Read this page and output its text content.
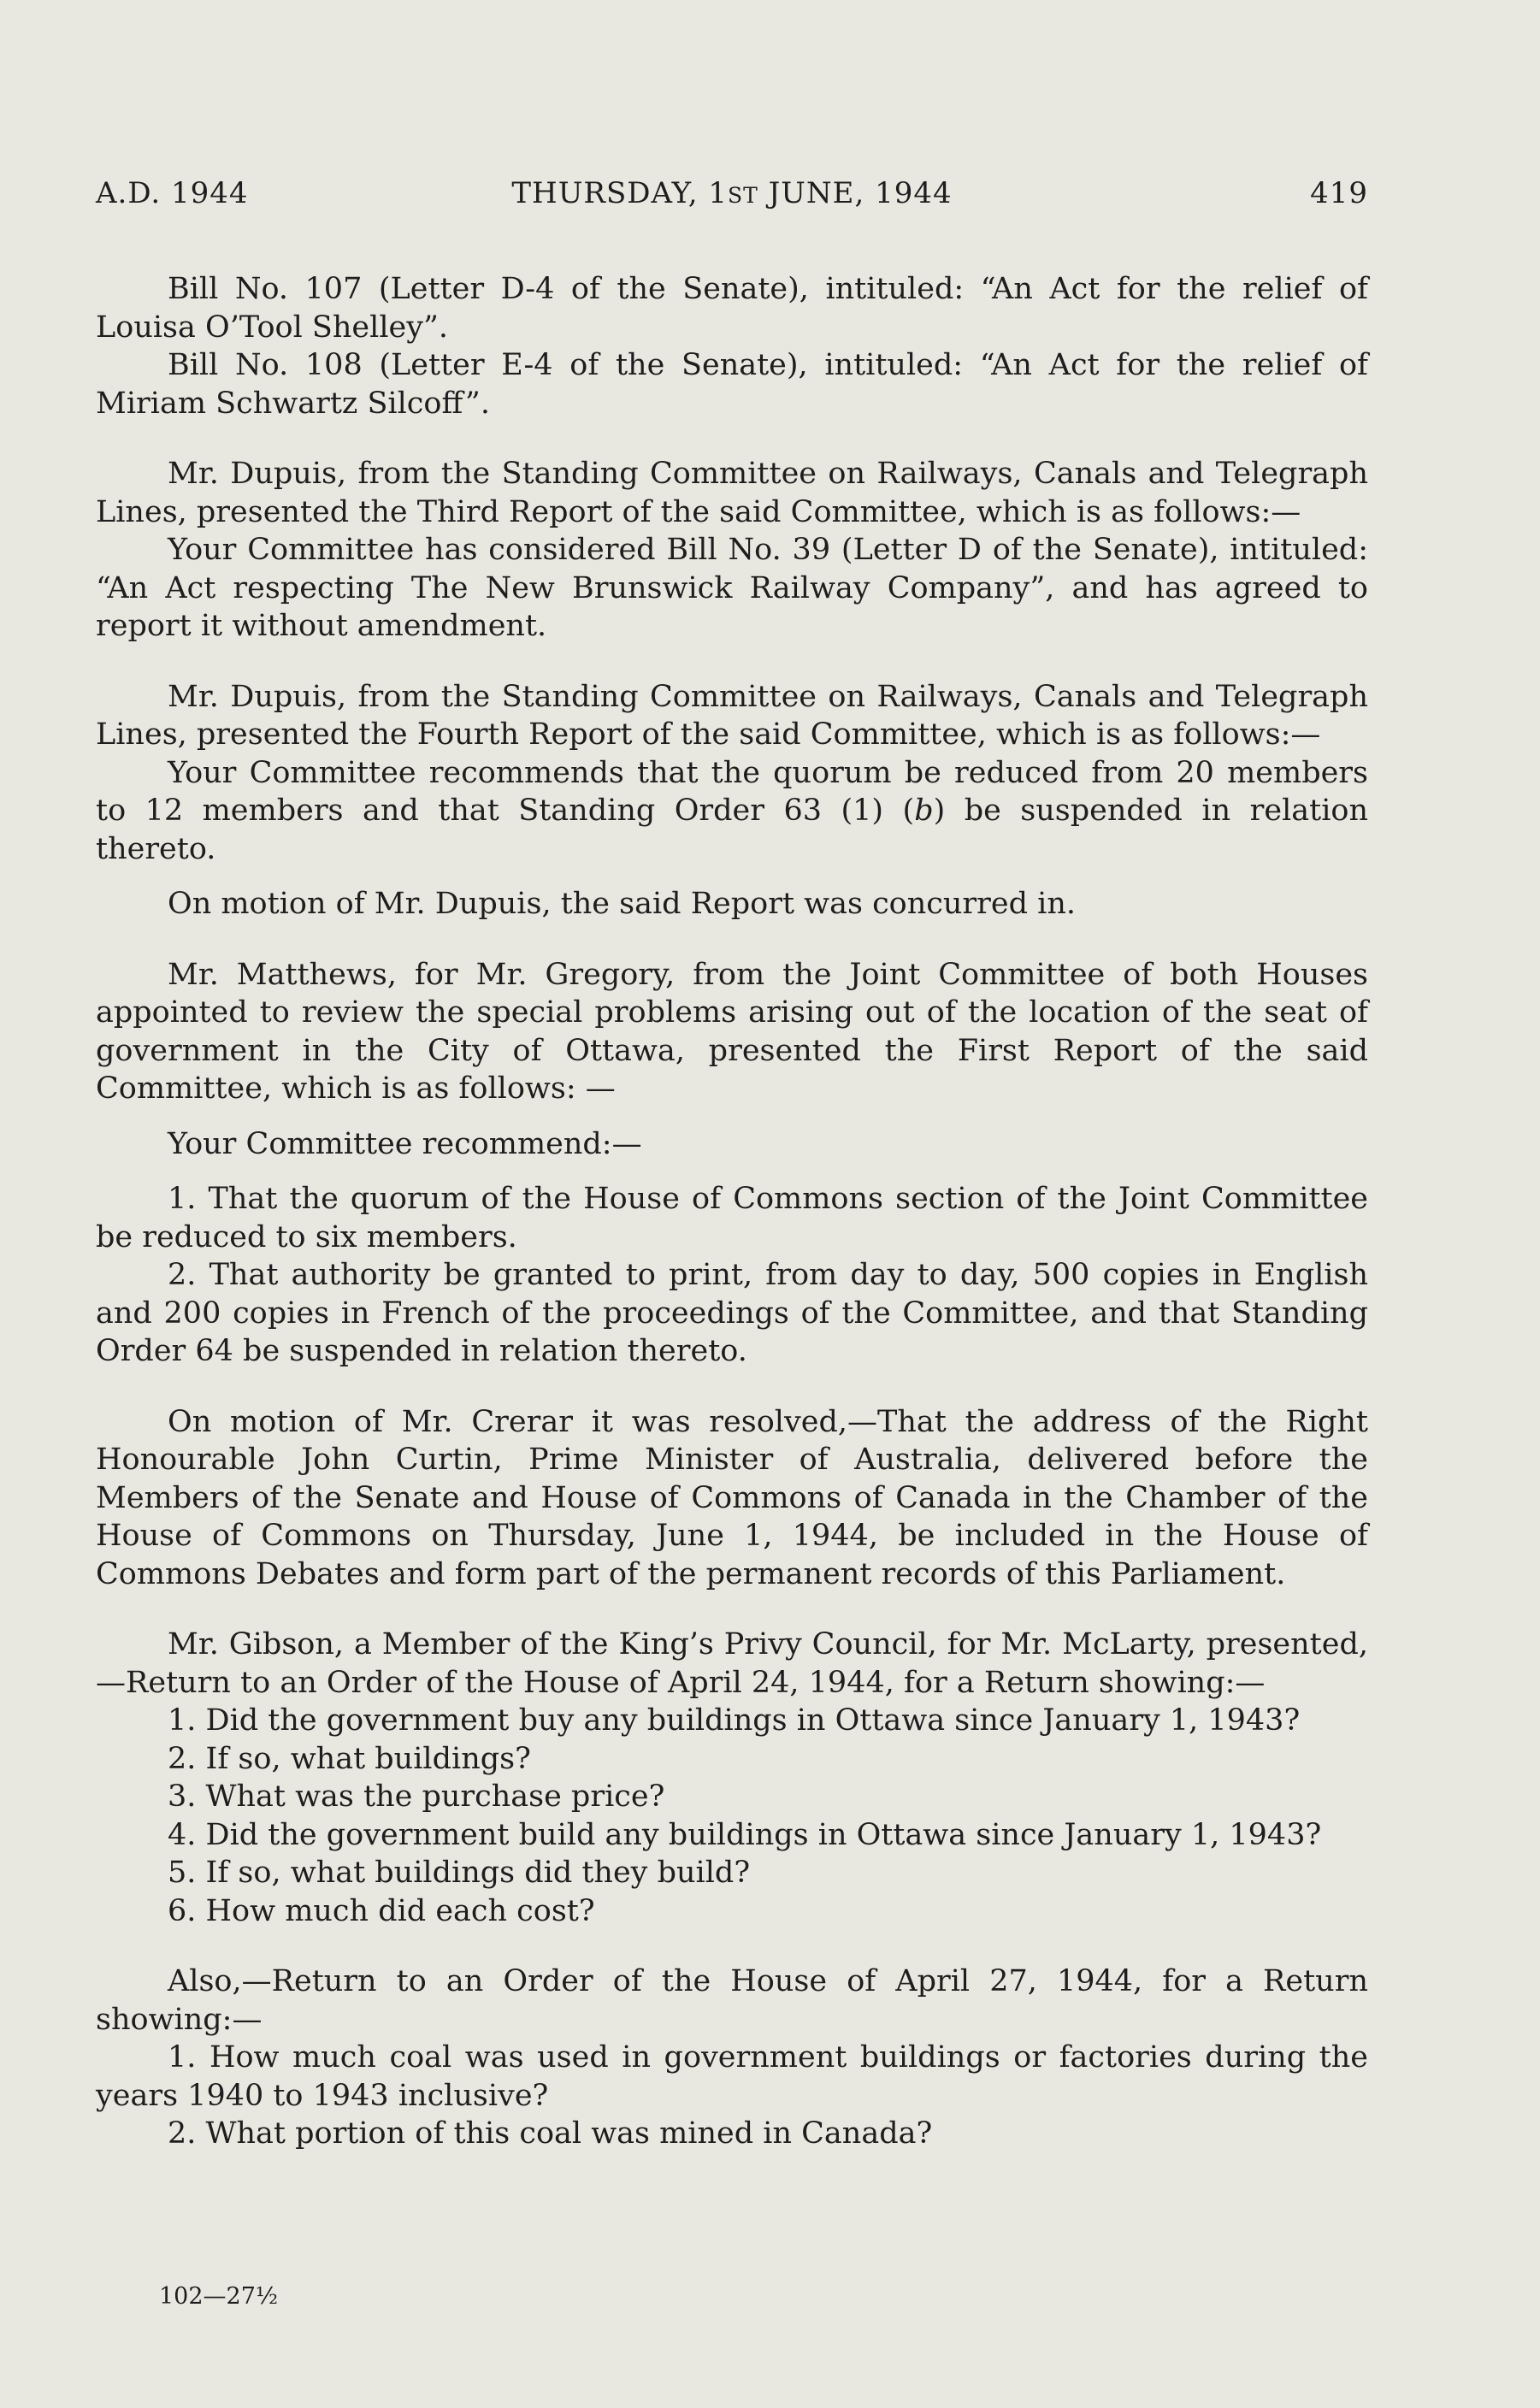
A.D. 1944	THURSDAY, 1ST JUNE, 1944	419

Bill No. 107 (Letter D-4 of the Senate), intituled: “An Act for the relief of Louisa O’Tool Shelley”.

Bill No. 108 (Letter E-4 of the Senate), intituled: “An Act for the relief of Miriam Schwartz Silcoff”.

Mr. Dupuis, from the Standing Committee on Railways, Canals and Telegraph Lines, presented the Third Report of the said Committee, which is as follows:—

Your Committee has considered Bill No. 39 (Letter D of the Senate), intituled: “An Act respecting The New Brunswick Railway Company”, and has agreed to report it without amendment.

Mr. Dupuis, from the Standing Committee on Railways, Canals and Telegraph Lines, presented the Fourth Report of the said Committee, which is as follows:—

Your Committee recommends that the quorum be reduced from 20 members to 12 members and that Standing Order 63 (1) (b) be suspended in relation thereto.

On motion of Mr. Dupuis, the said Report was concurred in.

Mr. Matthews, for Mr. Gregory, from the Joint Committee of both Houses appointed to review the special problems arising out of the location of the seat of government in the City of Ottawa, presented the First Report of the said Committee, which is as follows: —

Your Committee recommend:—

1. That the quorum of the House of Commons section of the Joint Committee be reduced to six members.

2. That authority be granted to print, from day to day, 500 copies in English and 200 copies in French of the proceedings of the Committee, and that Standing Order 64 be suspended in relation thereto.

On motion of Mr. Crerar it was resolved,—That the address of the Right Honourable John Curtin, Prime Minister of Australia, delivered before the Members of the Senate and House of Commons of Canada in the Chamber of the House of Commons on Thursday, June 1, 1944, be included in the House of Commons Debates and form part of the permanent records of this Parliament.

Mr. Gibson, a Member of the King’s Privy Council, for Mr. McLarty, presented,—Return to an Order of the House of April 24, 1944, for a Return showing:—

1. Did the government buy any buildings in Ottawa since January 1, 1943?
2. If so, what buildings?
3. What was the purchase price?
4. Did the government build any buildings in Ottawa since January 1, 1943?
5. If so, what buildings did they build?
6. How much did each cost?

Also,—Return to an Order of the House of April 27, 1944, for a Return showing:—

1. How much coal was used in government buildings or factories during the years 1940 to 1943 inclusive?

2. What portion of this coal was mined in Canada?

102—27½
